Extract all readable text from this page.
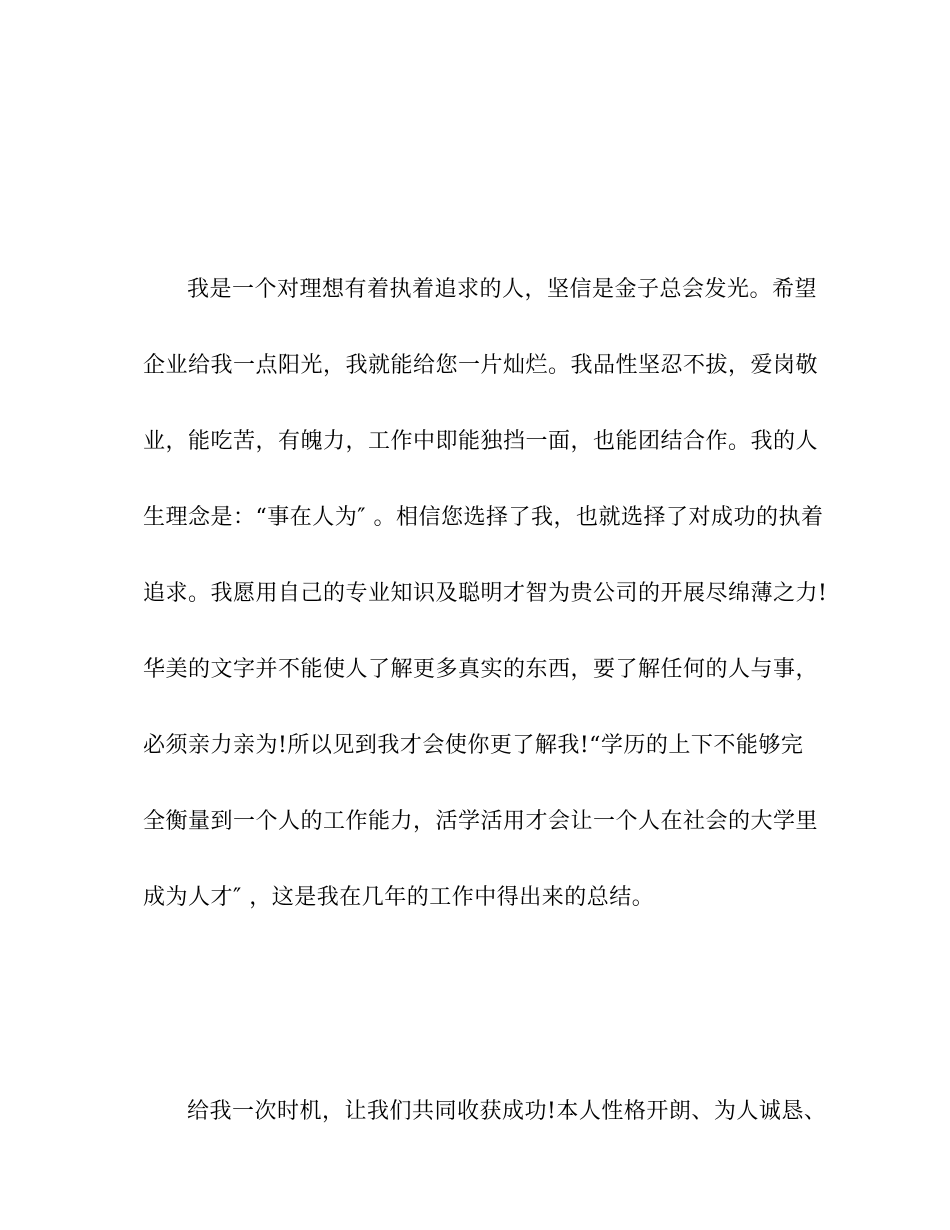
我是一个对理想有着执着追求的人，坚信是金子总会发光。希望
企业给我一点阳光，我就能给您一片灿烂。我品性坚忍不拔，爱岗敬
业，能吃苦，有魄力，工作中即能独挡一面，也能团结合作。我的人
生理念是：“事在人为″ 。相信您选择了我，也就选择了对成功的执着
追求。我愿用自己的专业知识及聪明才智为贵公司的开展尽绵薄之力!
华美的文字并不能使人了解更多真实的东西，要了解任何的人与事，
必须亲力亲为!所以见到我才会使你更了解我!“学历的上下不能够完
全衡量到一个人的工作能力，活学活用才会让一个人在社会的大学里
成为人才″ ，这是我在几年的工作中得出来的总结。
给我一次时机，让我们共同收获成功!本人性格开朗、为人诚恳、
